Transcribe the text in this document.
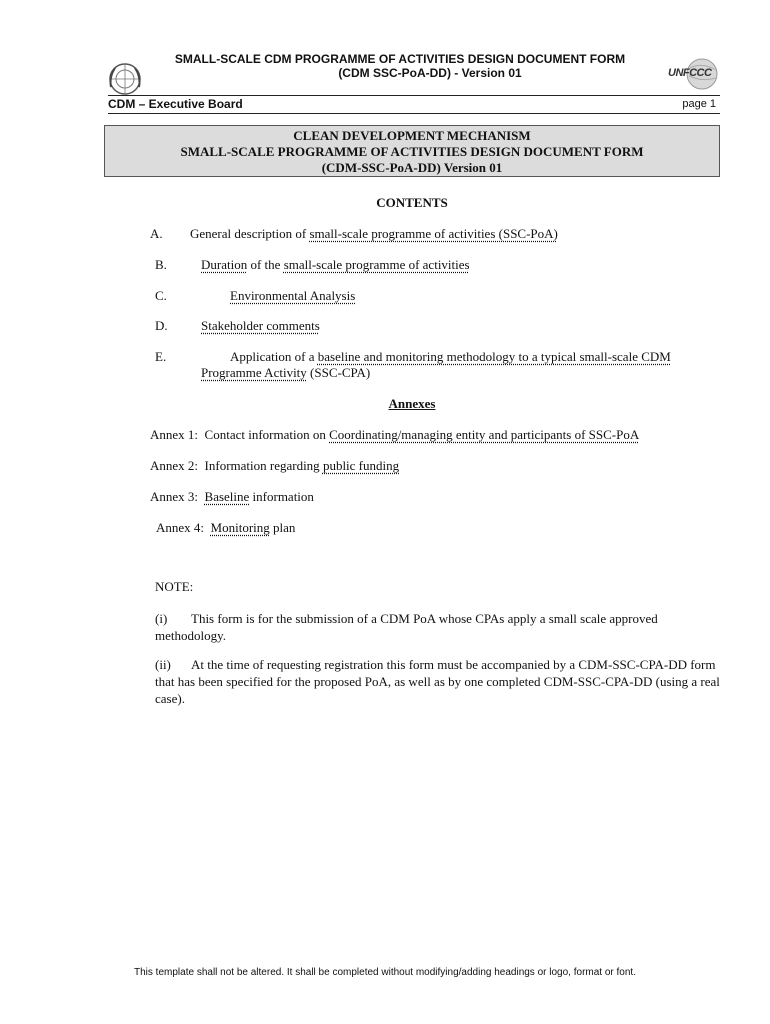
SMALL-SCALE CDM PROGRAMME OF ACTIVITIES DESIGN DOCUMENT FORM
(CDM SSC-PoA-DD) - Version 01	UNFCCC
CDM – Executive Board	page 1
CLEAN DEVELOPMENT MECHANISM
SMALL-SCALE PROGRAMME OF ACTIVITIES DESIGN DOCUMENT FORM
(CDM-SSC-PoA-DD) Version 01
CONTENTS
A. General description of small-scale programme of activities (SSC-PoA)
B.	Duration of the small-scale programme of activities
C.	Environmental Analysis
D.	Stakeholder comments
E.	Application of a baseline and monitoring methodology to a typical small-scale CDM
Programme Activity (SSC-CPA)
Annexes
Annex 1: Contact information on Coordinating/managing entity and participants of SSC-PoA
Annex 2: Information regarding public funding
Annex 3: Baseline information
Annex 4: Monitoring plan
NOTE:
(i) This form is for the submission of a CDM PoA whose CPAs apply a small scale approved methodology.
(ii) At the time of requesting registration this form must be accompanied by a CDM-SSC-CPA-DD form that has been specified for the proposed PoA, as well as by one completed CDM-SSC-CPA-DD (using a real case).
This template shall not be altered. It shall be completed without modifying/adding headings or logo, format or font.
